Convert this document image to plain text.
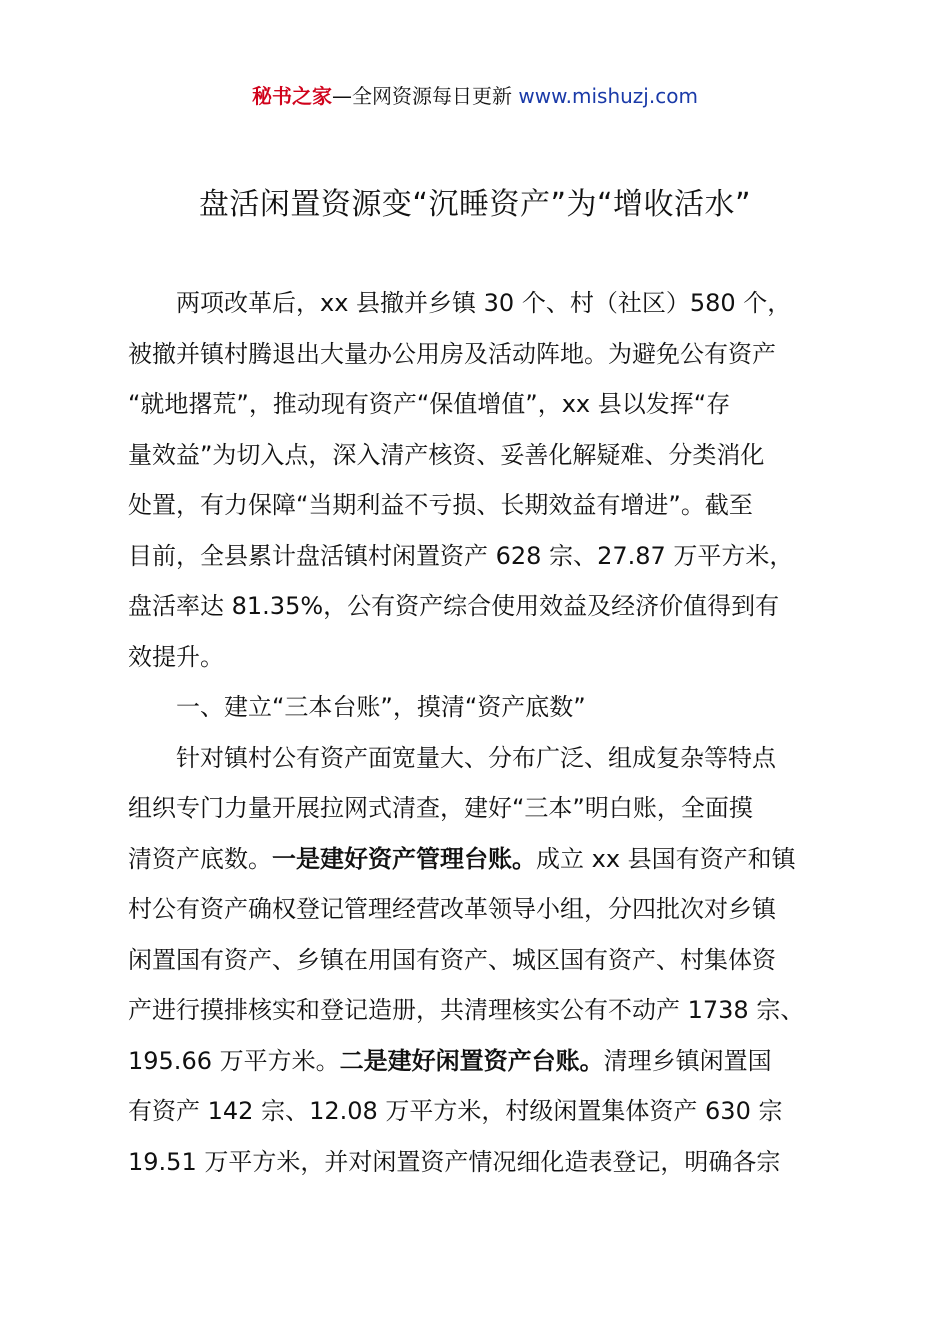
秘书之家—全网资源每日更新 www.mishuzj.com
盘活闲置资源变“沉睡资产”为“增收活水”

两项改革后，xx 县撤并乡镇 30 个、村（社区）580 个，
被撤并镇村腾退出大量办公用房及活动阵地。为避免公有资产
“就地撂荒”，推动现有资产“保值增值”，xx 县以发挥“存
量效益”为切入点，深入清产核资、妥善化解疑难、分类消化
处置，有力保障“当期利益不亏损、长期效益有增进”。截至
目前，全县累计盘活镇村闲置资产 628 宗、27.87 万平方米，
盘活率达 81.35%，公有资产综合使用效益及经济价值得到有
效提升。

一、建立“三本台账”，摸清“资产底数”

针对镇村公有资产面宽量大、分布广泛、组成复杂等特点
组织专门力量开展拉网式清查，建好“三本”明白账，全面摸
清资产底数。一是建好资产管理台账。成立 xx 县国有资产和镇
村公有资产确权登记管理经营改革领导小组，分四批次对乡镇
闲置国有资产、乡镇在用国有资产、城区国有资产、村集体资
产进行摸排核实和登记造册，共清理核实公有不动产 1738 宗、
195.66 万平方米。二是建好闲置资产台账。清理乡镇闲置国
有资产 142 宗、12.08 万平方米，村级闲置集体资产 630 宗
19.51 万平方米，并对闲置资产情况细化造表登记，明确各宗
